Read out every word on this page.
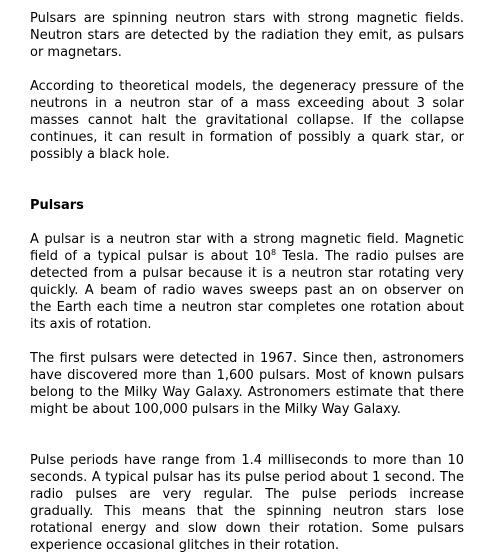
Pulsars are spinning neutron stars with strong magnetic fields. Neutron stars are detected by the radiation they emit, as pulsars or magnetars.

According to theoretical models, the degeneracy pressure of the neutrons in a neutron star of a mass exceeding about 3 solar masses cannot halt the gravitational collapse. If the collapse continues, it can result in formation of possibly a quark star, or possibly a black hole.

Pulsars

A pulsar is a neutron star with a strong magnetic field. Magnetic field of a typical pulsar is about $10^8$ Tesla. The radio pulses are detected from a pulsar because it is a neutron star rotating very quickly. A beam of radio waves sweeps past an on observer on the Earth each time a neutron star completes one rotation about its axis of rotation.

The first pulsars were detected in 1967. Since then, astronomers have discovered more than 1,600 pulsars. Most of known pulsars belong to the Milky Way Galaxy. Astronomers estimate that there might be about 100,000 pulsars in the Milky Way Galaxy.

Pulse periods have range from 1.4 milliseconds to more than 10 seconds. A typical pulsar has its pulse period about 1 second. The radio pulses are very regular. The pulse periods increase gradually. This means that the spinning neutron stars lose rotational energy and slow down their rotation. Some pulsars experience occasional glitches in their rotation.
